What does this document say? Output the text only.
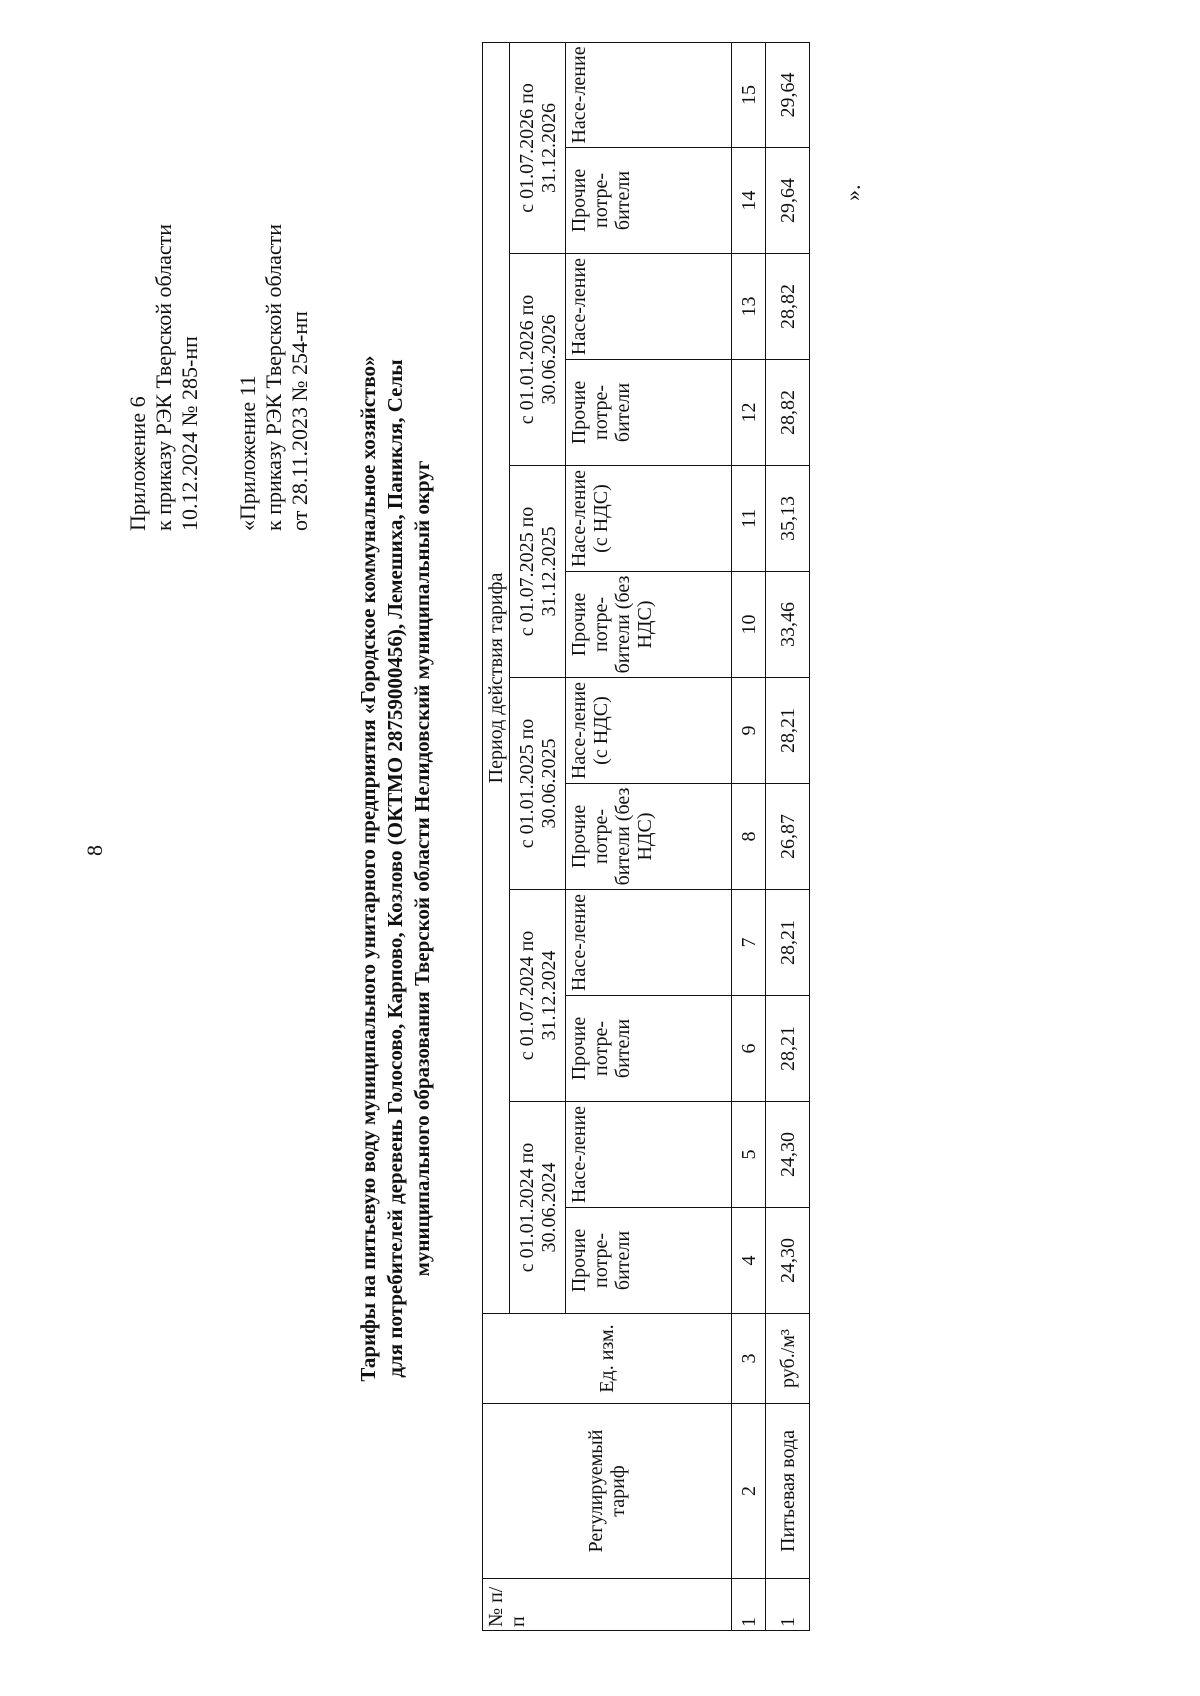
8
Приложение 6 к приказу РЭК Тверской области 10.12.2024 № 285-нп «Приложение 11 к приказу РЭК Тверской области от 28.11.2023 № 254-нп Тарифы на питьевую воду муниципального унитарного предприятия «Городское коммунальное хозяйство» для потребителей деревень Голосово, Карпово, Козлово (ОКТМО 28759000456), Лемешиха, Паникля, Селы муниципального образования Тверской области Нелидовский муниципальный округ
№ п/п	Регулируемый тариф	Ед. изм.	Период действия тарифа											
			с 01.01.2024 по 30.06.2024		с 01.07.2024 по 31.12.2024		с 01.01.2025 по 30.06.2025		с 01.07.2025 по 31.12.2025		с 01.01.2026 по 30.06.2026		с 01.07.2026 по 31.12.2026	
			Прочие потре-бители	Насе-ление	Прочие потре-бители	Насе-ление	Прочие потре-бители (без НДС)	Насе-ление (с НДС)	Прочие потре-бители (без НДС)	Насе-ление (с НДС)	Прочие потре-бители	Насе-ление	Прочие потре-бители	Насе-ление
1	2	3	4	5	6	7	8	9	10	11	12	13	14	15
1	Питьевая вода	руб./м³	24,30	24,30	28,21	28,21	26,87	28,21	33,46	35,13	28,82	28,82	29,64	29,64
».
